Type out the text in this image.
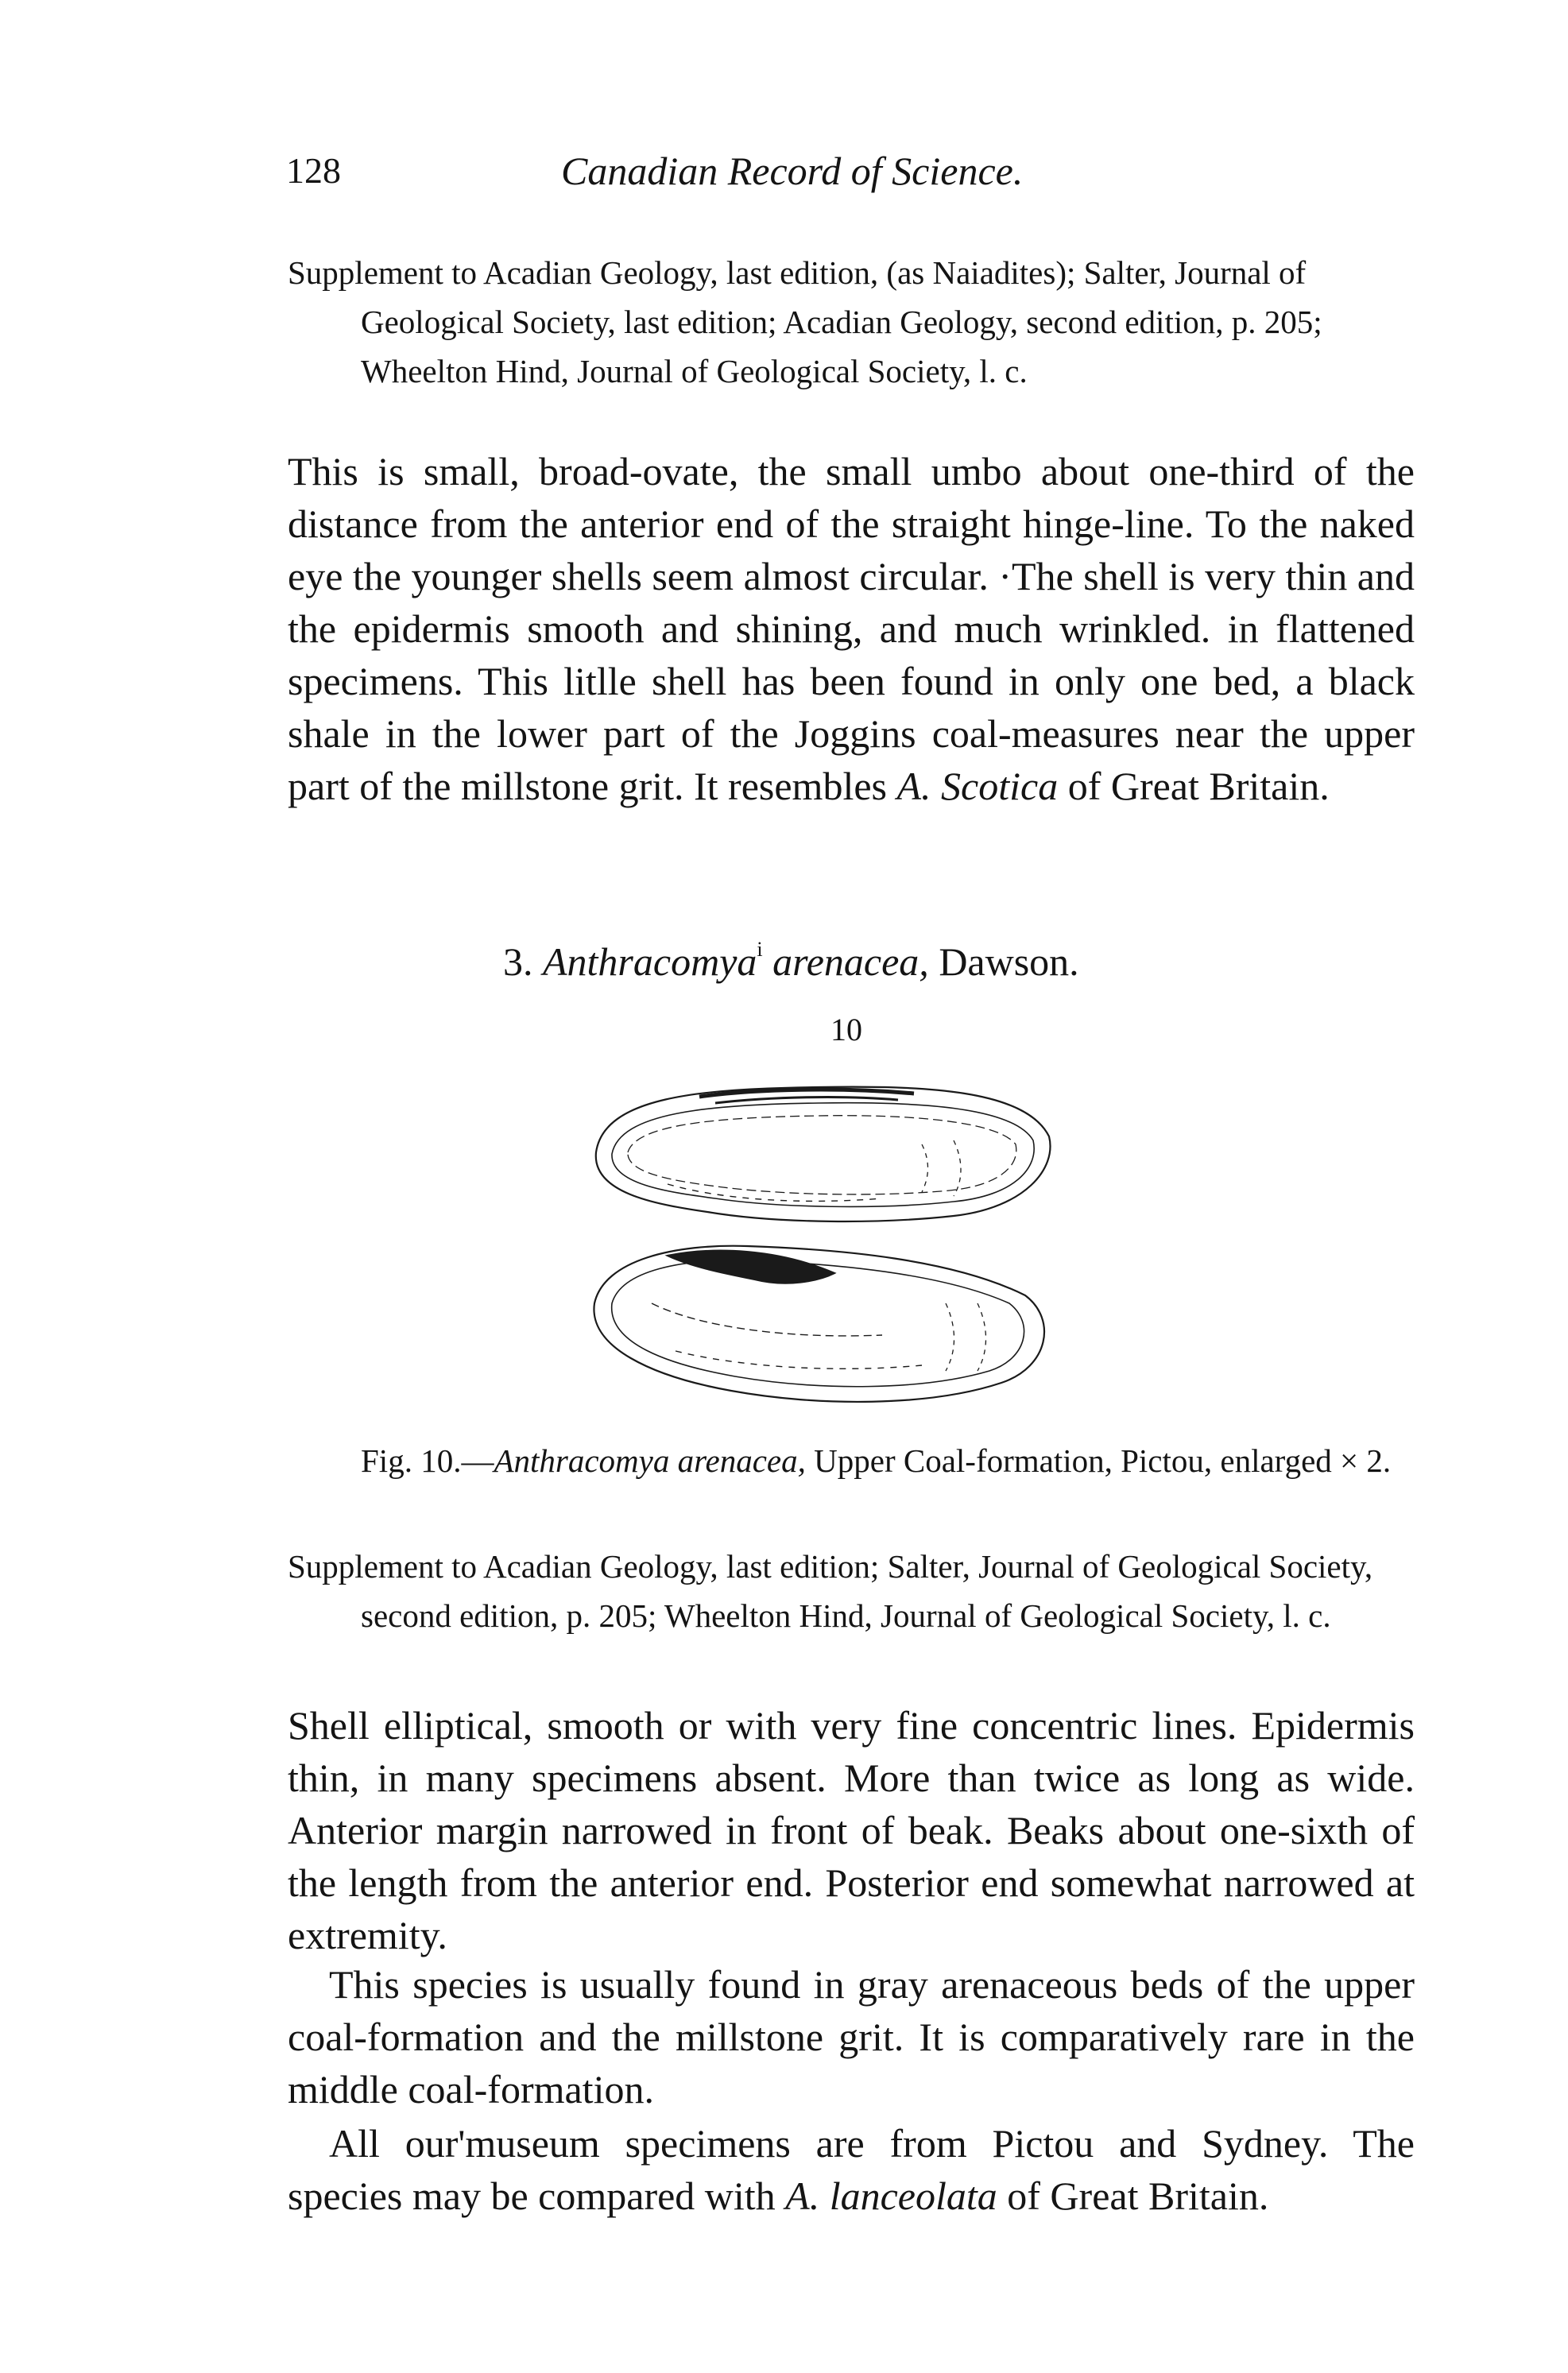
128	Canadian Record of Science.
Supplement to Acadian Geology, last edition, (as Naiadites); Salter, Journal of Geological Society, last edition; Acadian Geology, second edition, p. 205; Wheelton Hind, Journal of Geological Society, l. c.
This is small, broad-ovate, the small umbo about one-third of the distance from the anterior end of the straight hinge-line. To the naked eye the younger shells seem almost circular. ·The shell is very thin and the epidermis smooth and shining, and much wrinkled. in flattened specimens. This litlle shell has been found in only one bed, a black shale in the lower part of the Joggins coal-measures near the upper part of the millstone grit. It resembles A. Scotica of Great Britain.
3. Anthracomya$^i$ arenacea, Dawson.
10
Fig. 10.—Anthracomya arenacea, Upper Coal-formation, Pictou, enlarged × 2.
Supplement to Acadian Geology, last edition; Salter, Journal of Geological Society, second edition, p. 205; Wheelton Hind, Journal of Geological Society, l. c.
Shell elliptical, smooth or with very fine concentric lines. Epidermis thin, in many specimens absent. More than twice as long as wide. Anterior margin narrowed in front of beak. Beaks about one-sixth of the length from the anterior end. Posterior end somewhat narrowed at extremity.
This species is usually found in gray arenaceous beds of the upper coal-formation and the millstone grit. It is comparatively rare in the middle coal-formation.
All our'museum specimens are from Pictou and Sydney. The species may be compared with A. lanceolata of Great Britain.
